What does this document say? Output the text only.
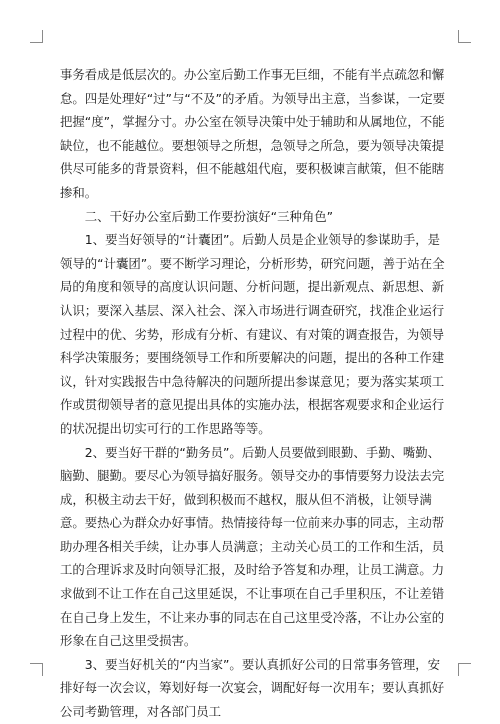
事务看成是低层次的。办公室后勤工作事无巨细，不能有半点疏忽和懈怠。四是处理好“过”与“不及”的矛盾。为领导出主意，当参谋，一定要把握“度”，掌握分寸。办公室在领导决策中处于辅助和从属地位，不能缺位，也不能越位。要想领导之所想，急领导之所急，要为领导决策提供尽可能多的背景资料，但不能越俎代庖，要积极谏言献策，但不能瞎掺和。

二、干好办公室后勤工作要扮演好“三种角色”

1、要当好领导的“计囊团”。后勤人员是企业领导的参谋助手，是领导的“计囊团”。要不断学习理论，分析形势，研究问题，善于站在全局的角度和领导的高度认识问题、分析问题，提出新观点、新思想、新认识；要深入基层、深入社会、深入市场进行调查研究，找准企业运行过程中的优、劣势，形成有分析、有建议、有对策的调查报告，为领导科学决策服务；要围绕领导工作和所要解决的问题，提出的各种工作建议，针对实践报告中急待解决的问题所提出参谋意见；要为落实某项工作或贯彻领导者的意见提出具体的实施办法，根据客观要求和企业运行的状况提出切实可行的工作思路等等。

2、要当好干群的“勤务员”。后勤人员要做到眼勤、手勤、嘴勤、脑勤、腿勤。要尽心为领导搞好服务。领导交办的事情要努力设法去完成，积极主动去干好，做到积极而不越权，服从但不消极，让领导满意。要热心为群众办好事情。热情接待每一位前来办事的同志，主动帮助办理各相关手续，让办事人员满意；主动关心员工的工作和生活，员工的合理诉求及时向领导汇报，及时给予答复和办理，让员工满意。力求做到不让工作在自己这里延误，不让事项在自己手里积压，不让差错在自己身上发生，不让来办事的同志在自己这里受冷落，不让办公室的形象在自己这里受损害。

3、要当好机关的“内当家”。要认真抓好公司的日常事务管理，安排好每一次会议，筹划好每一次宴会，调配好每一次用车；要认真抓好公司考勤管理，对各部门员工
